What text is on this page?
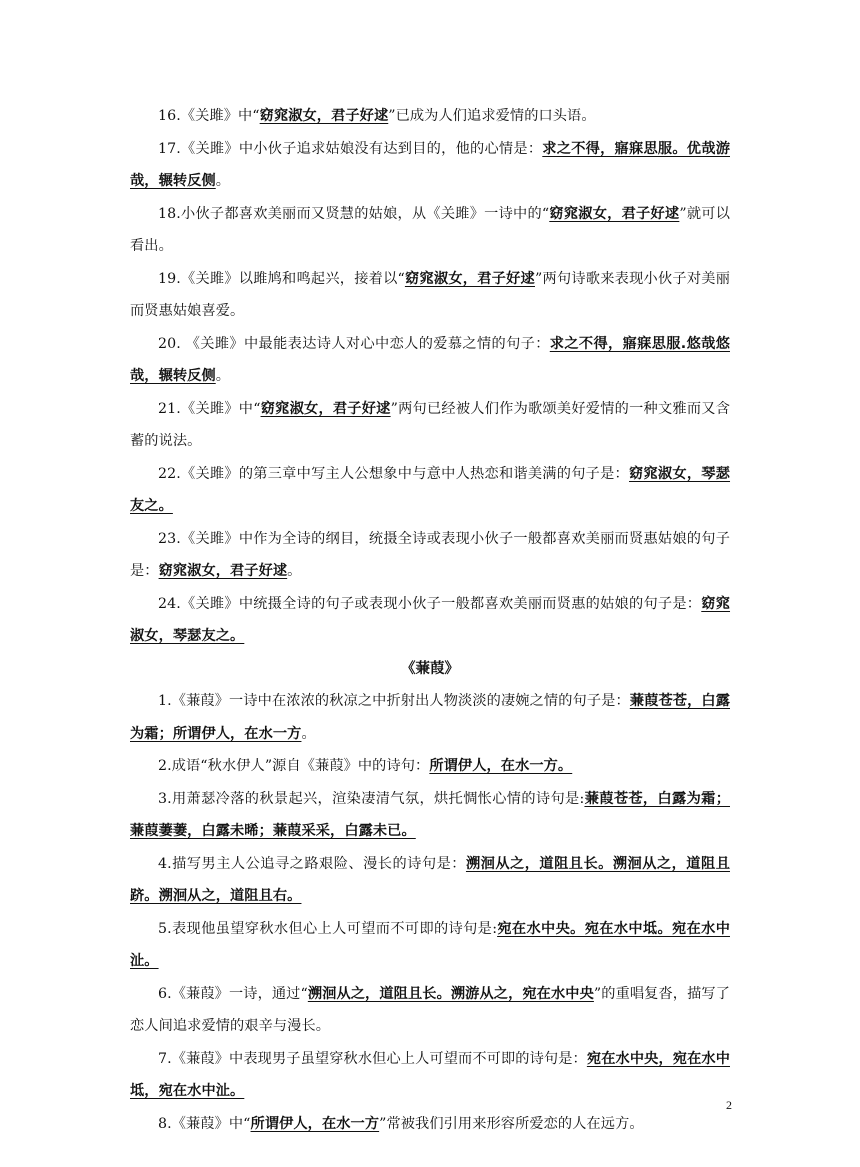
16.《关雎》中“窈窕淑女，君子好逑”已成为人们追求爱情的口头语。

17.《关雎》中小伙子追求姑娘没有达到目的，他的心情是：求之不得，寤寐思服。优哉游哉，辗转反侧。

18.小伙子都喜欢美丽而又贤慧的姑娘，从《关雎》一诗中的“窈窕淑女，君子好逑”就可以看出。

19.《关雎》以雎鸠和鸣起兴，接着以“窈窕淑女，君子好逑”两句诗歌来表现小伙子对美丽而贤惠姑娘喜爱。

20. 《关雎》中最能表达诗人对心中恋人的爱慕之情的句子：求之不得，寤寐思服.悠哉悠哉，辗转反侧。

21.《关雎》中“窈窕淑女，君子好逑”两句已经被人们作为歌颂美好爱情的一种文雅而又含蓄的说法。

22.《关雎》的第三章中写主人公想象中与意中人热恋和谐美满的句子是：窈窕淑女，琴瑟友之。

23.《关雎》中作为全诗的纲目，统摄全诗或表现小伙子一般都喜欢美丽而贤惠姑娘的句子是：窈窕淑女，君子好逑。

24.《关雎》中统摄全诗的句子或表现小伙子一般都喜欢美丽而贤惠的姑娘的句子是：窈窕淑女，琴瑟友之。

《蒹葭》

1.《蒹葭》一诗中在浓浓的秋凉之中折射出人物淡淡的凄婉之情的句子是：蒹葭苍苍，白露为霜；所谓伊人，在水一方。

2.成语“秋水伊人”源自《蒹葭》中的诗句：所谓伊人，在水一方。

3.用萧瑟冷落的秋景起兴，渲染凄清气氛，烘托惆怅心情的诗句是:蒹葭苍苍，白露为霜；蒹葭萋萋，白露未晞；蒹葭采采，白露未已。

4.描写男主人公追寻之路艰险、漫长的诗句是：溯洄从之，道阻且长。溯洄从之，道阻且跻。溯洄从之，道阻且右。

5.表现他虽望穿秋水但心上人可望而不可即的诗句是:宛在水中央。宛在水中坻。宛在水中沚。

6.《蒹葭》一诗，通过“溯洄从之，道阻且长。溯游从之，宛在水中央”的重唱复沓，描写了恋人间追求爱情的艰辛与漫长。

7.《蒹葭》中表现男子虽望穿秋水但心上人可望而不可即的诗句是：宛在水中央，宛在水中坻，宛在水中沚。

8.《蒹葭》中“所谓伊人，在水一方”常被我们引用来形容所爱恋的人在远方。

2
